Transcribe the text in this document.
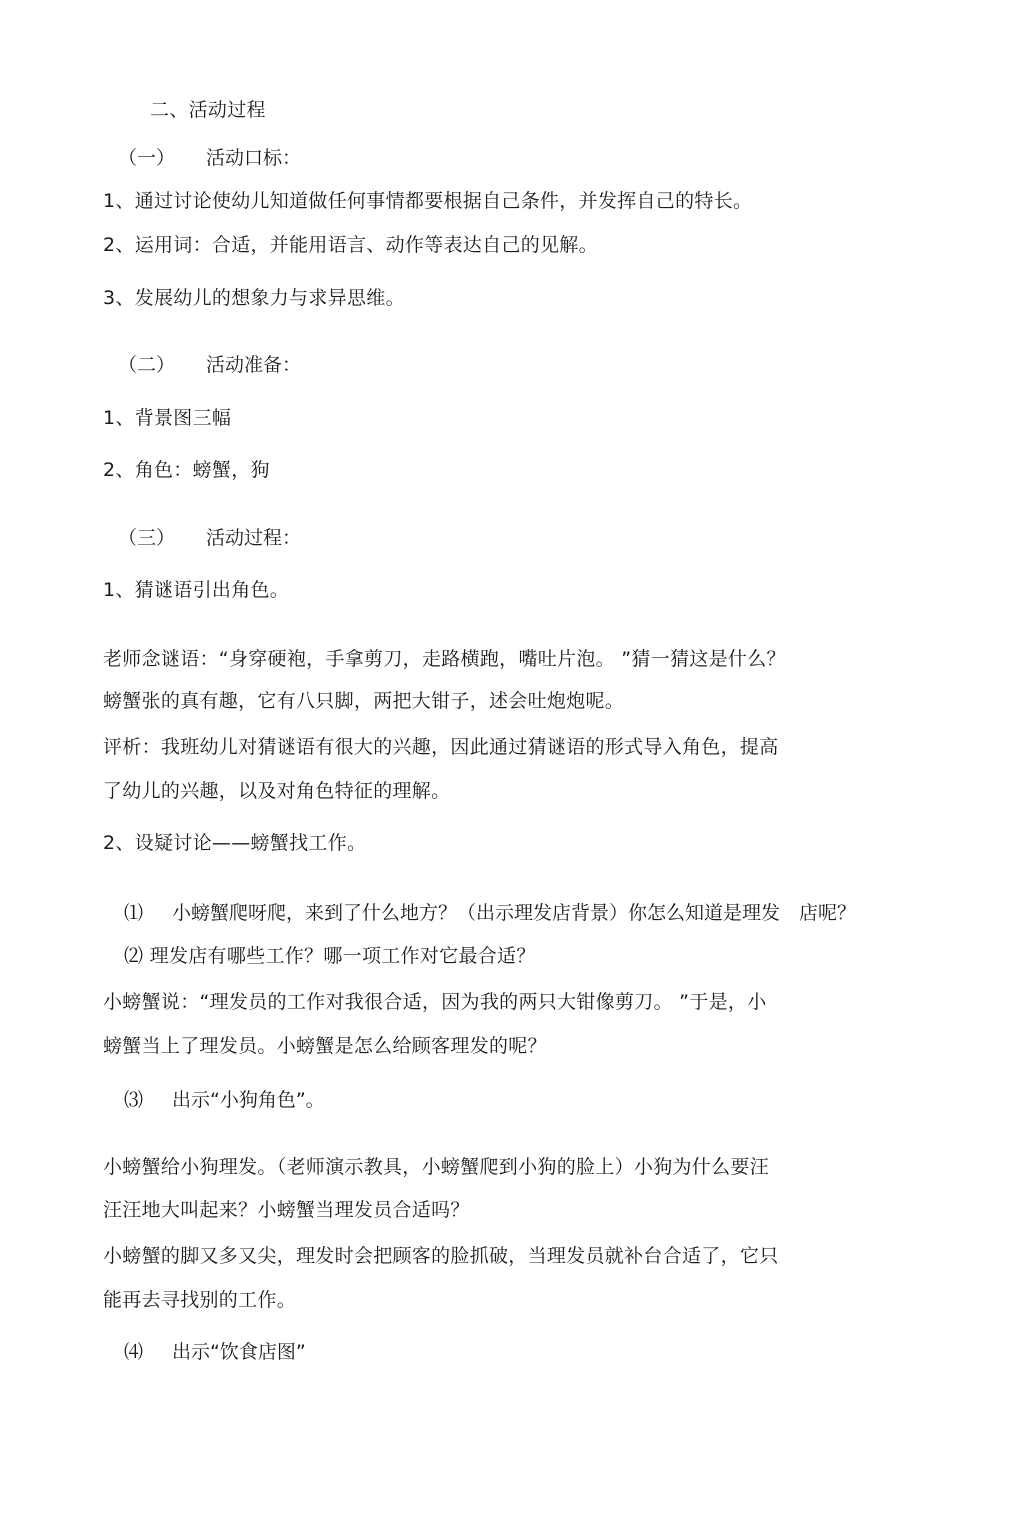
二、活动过程
（一） 活动口标：
1、通过讨论使幼儿知道做任何事情都要根据自己条件，并发挥自己的特长。
2、运用词：合适，并能用语言、动作等表达自己的见解。
3、发展幼儿的想象力与求异思维。
（二） 活动准备：
1、背景图三幅
2、角色：螃蟹，狗
（三） 活动过程：
1、猜谜语引出角色。
老师念谜语：“身穿硬袍，手拿剪刀，走路横跑，嘴吐片泡。 ”猜一猜这是什么？
螃蟹张的真有趣，它有八只脚，两把大钳子，述会吐炮炮呢。
评析：我班幼儿对猜谜语有很大的兴趣，因此通过猜谜语的形式导入角色，提高
了幼儿的兴趣，以及对角色特征的理解。
2、设疑讨论——螃蟹找工作。
⑴ 小螃蟹爬呀爬，来到了什么地方？（出示理发店背景）你怎么知道是理发　店呢？
⑵ 理发店有哪些工作？哪一项工作对它最合适？
小螃蟹说：“理发员的工作对我很合适，因为我的两只大钳像剪刀。 ”于是，小
螃蟹当上了理发员。小螃蟹是怎么给顾客理发的呢？
⑶ 出示“小狗角色”。
小螃蟹给小狗理发。（老师演示教具，小螃蟹爬到小狗的脸上）小狗为什么要汪
汪汪地大叫起来？小螃蟹当理发员合适吗？
小螃蟹的脚又多又尖，理发时会把顾客的脸抓破，当理发员就补台合适了，它只
能再去寻找别的工作。
⑷ 出示“饮食店图”
